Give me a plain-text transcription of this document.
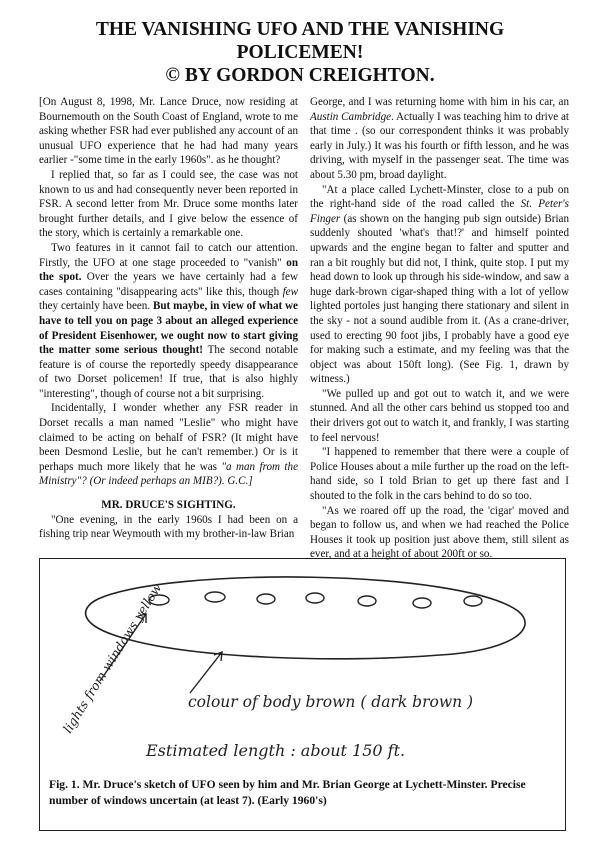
THE VANISHING UFO AND THE VANISHING
POLICEMEN!
© BY GORDON CREIGHTON.

[On August 8, 1998, Mr. Lance Druce, now residing at Bournemouth on the South Coast of England, wrote to me asking whether FSR had ever published any account of an unusual UFO experience that he had had many years earlier -"some time in the early 1960s". as he thought?

I replied that, so far as I could see, the case was not known to us and had consequently never been reported in FSR. A second letter from Mr. Druce some months later brought further details, and I give below the essence of the story, which is certainly a remarkable one.

Two features in it cannot fail to catch our attention. Firstly, the UFO at one stage proceeded to "vanish" on the spot. Over the years we have certainly had a few cases containing "disappearing acts" like this, though few they certainly have been. But maybe, in view of what we have to tell you on page 3 about an alleged experience of President Eisenhower, we ought now to start giving the matter some serious thought! The second notable feature is of course the reportedly speedy disappearance of two Dorset policemen! If true, that is also highly "interesting", though of course not a bit surprising.

Incidentally, I wonder whether any FSR reader in Dorset recalls a man named "Leslie" who might have claimed to be acting on behalf of FSR? (It might have been Desmond Leslie, but he can't remember.) Or is it perhaps much more likely that he was "a man from the Ministry"? (Or indeed perhaps an MIB?). G.C.]

MR. DRUCE'S SIGHTING.

"One evening, in the early 1960s I had been on a fishing trip near Weymouth with my brother-in-law Brian

George, and I was returning home with him in his car, an Austin Cambridge. Actually I was teaching him to drive at that time . (so our correspondent thinks it was probably early in July.) It was his fourth or fifth lesson, and he was driving, with myself in the passenger seat. The time was about 5.30 pm, broad daylight.

"At a place called Lychett-Minster, close to a pub on the right-hand side of the road called the St. Peter's Finger (as shown on the hanging pub sign outside) Brian suddenly shouted 'what's that!?' and himself pointed upwards and the engine began to falter and sputter and ran a bit roughly but did not, I think, quite stop. I put my head down to look up through his side-window, and saw a huge dark-brown cigar-shaped thing with a lot of yellow lighted portoles just hanging there stationary and silent in the sky - not a sound audible from it. (As a crane-driver, used to erecting 90 foot jibs, I probably have a good eye for making such a estimate, and my feeling was that the object was about 150ft long). (See Fig. 1, drawn by witness.)

"We pulled up and got out to watch it, and we were stunned. And all the other cars behind us stopped too and their drivers got out to watch it, and frankly, I was starting to feel nervous!

"I happened to remember that there were a couple of Police Houses about a mile further up the road on the left-hand side, so I told Brian to get up there fast and I shouted to the folk in the cars behind to do so too.

"As we roared off up the road, the 'cigar' moved and began to follow us, and when we had reached the Police Houses it took up position just above them, still silent as ever, and at a height of about 200ft or so.

lights from windows yellow colour of body brown ( dark brown )
Estimated length : about 150 ft.
Fig. 1. Mr. Druce's sketch of UFO seen by him and Mr. Brian George at Lychett-Minster. Precise number of windows uncertain (at least 7). (Early 1960's)
